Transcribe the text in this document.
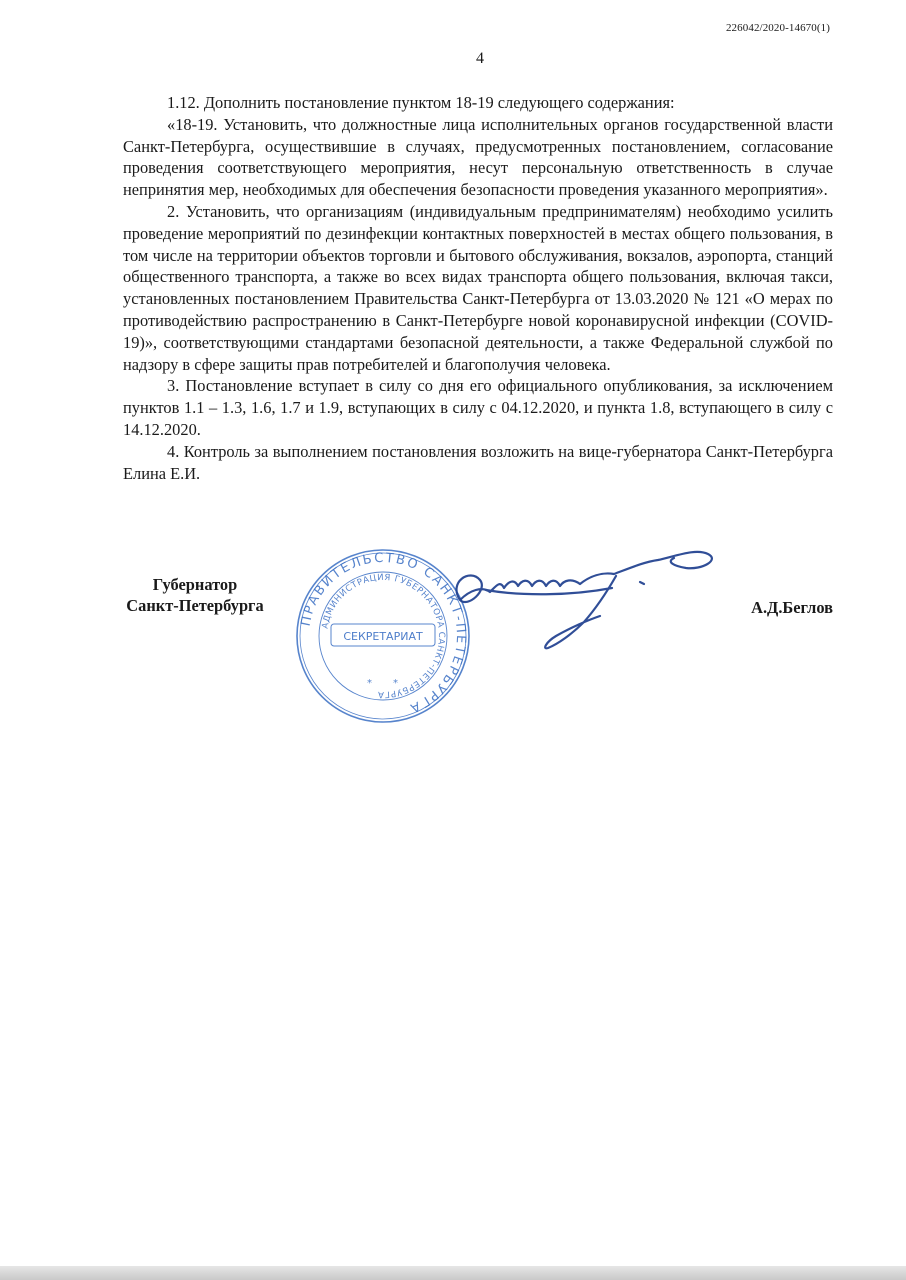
226042/2020-14670(1)
4

1.12. Дополнить постановление пунктом 18-19 следующего содержания:

«18-19. Установить, что должностные лица исполнительных органов государственной власти Санкт-Петербурга, осуществившие в случаях, предусмотренных постановлением, согласование проведения соответствующего мероприятия, несут персональную ответственность в случае непринятия мер, необходимых для обеспечения безопасности проведения указанного мероприятия».

2. Установить, что организациям (индивидуальным предпринимателям) необходимо усилить проведение мероприятий по дезинфекции контактных поверхностей в местах общего пользования, в том числе на территории объектов торговли и бытового обслуживания, вокзалов, аэропорта, станций общественного транспорта, а также во всех видах транспорта общего пользования, включая такси, установленных постановлением Правительства Санкт-Петербурга от 13.03.2020 № 121 «О мерах по противодействию распространению в Санкт-Петербурге новой коронавирусной инфекции (COVID-19)», соответствующими стандартами безопасной деятельности, а также Федеральной службой по надзору в сфере защиты прав потребителей и благополучия человека.

3. Постановление вступает в силу со дня его официального опубликования, за исключением пунктов 1.1 – 1.3, 1.6, 1.7 и 1.9, вступающих в силу с 04.12.2020, и пункта 1.8, вступающего в силу с 14.12.2020.

4. Контроль за выполнением постановления возложить на вице-губернатора Санкт-Петербурга Елина Е.И.

Губернатор
Санкт-Петербурга	А.Д.Беглов
ПРАВИТЕЛЬСТВО САНКТ-ПЕТЕРБУРГА
АДМИНИСТРАЦИЯ ГУБЕРНАТОРА САНКТ-ПЕТЕРБУРГА
СЕКРЕТАРИАТ
* *
